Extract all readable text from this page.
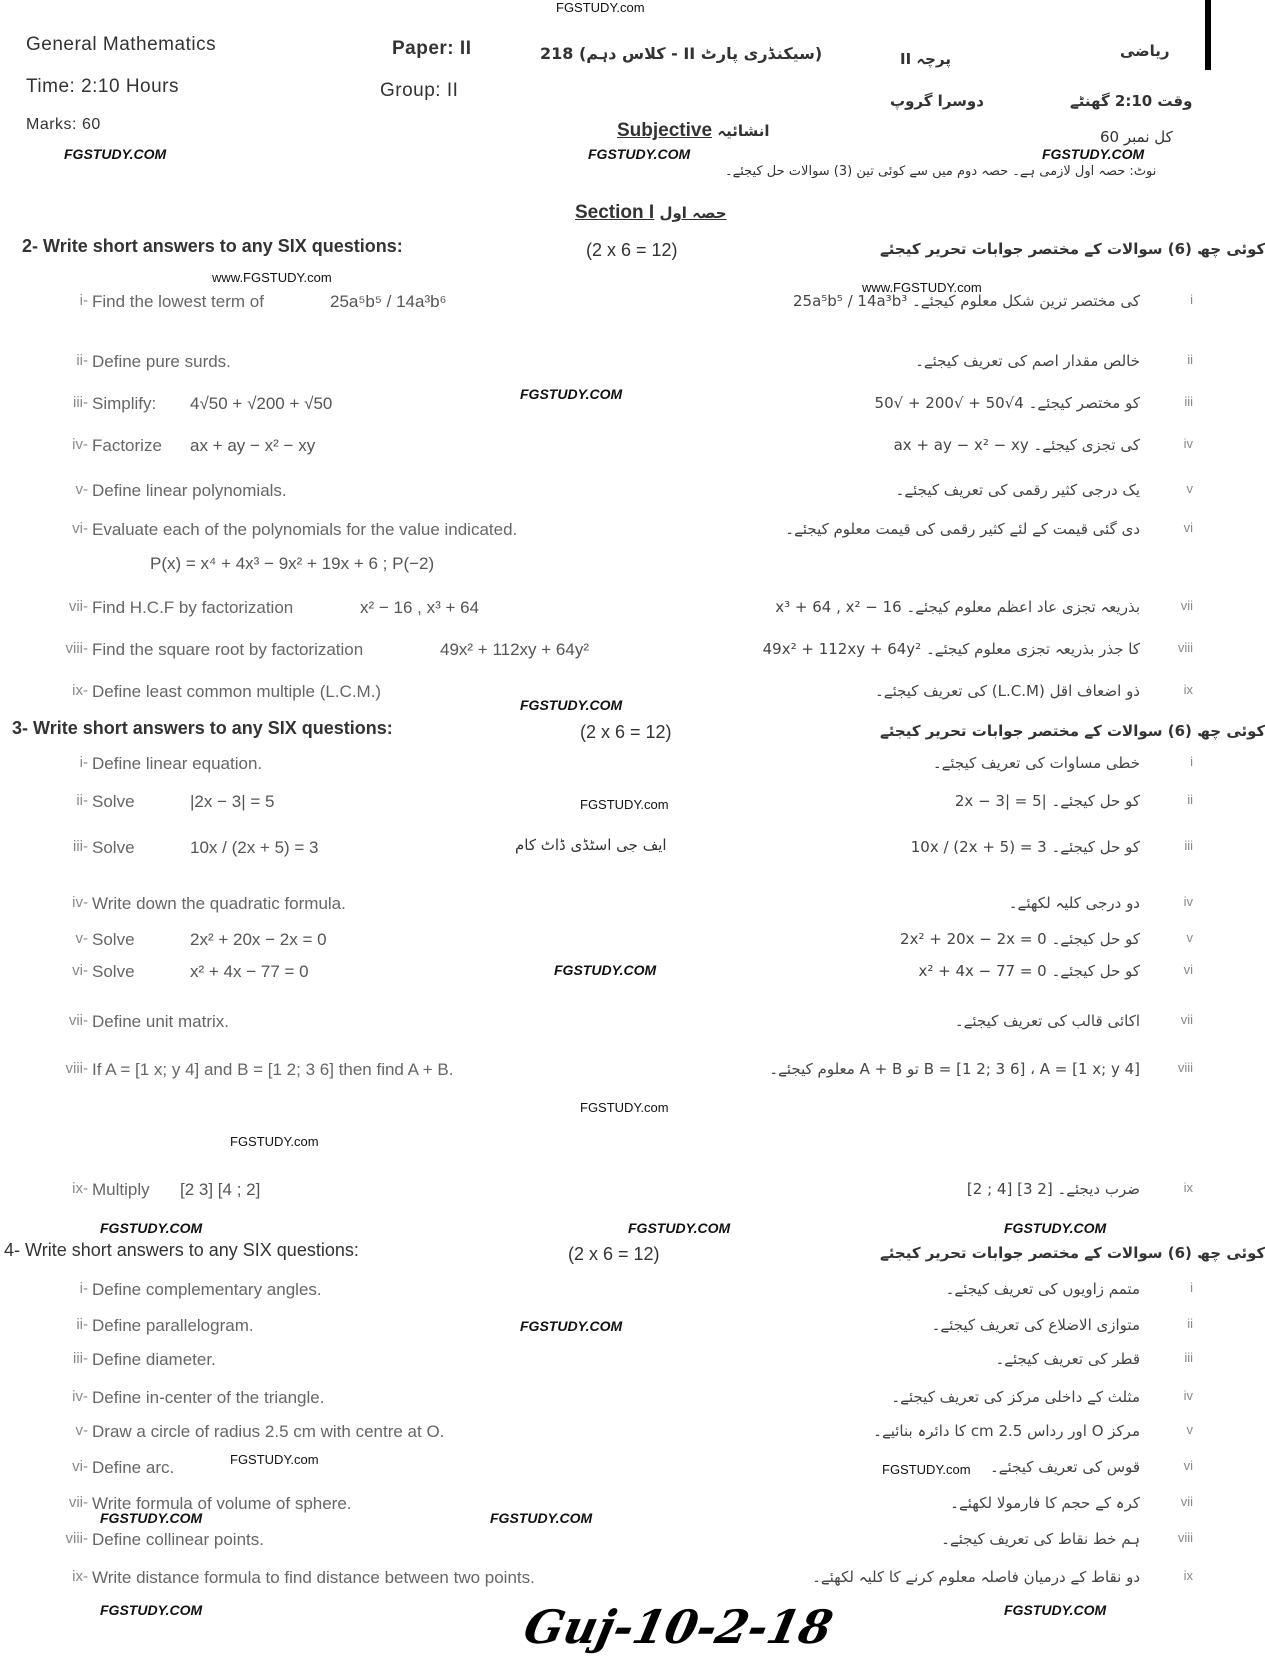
FGSTUDY.com
FGSTUDY.COM	FGSTUDY.COM	FGSTUDY.COM
www.FGSTUDY.com
www.FGSTUDY.com
FGSTUDY.COM
FGSTUDY.COM
FGSTUDY.com
ایف جی اسٹڈی ڈاٹ کام
FGSTUDY.COM
FGSTUDY.com
FGSTUDY.com
FGSTUDY.COM	FGSTUDY.COM	FGSTUDY.COM
FGSTUDY.COM
FGSTUDY.com
FGSTUDY.com
FGSTUDY.COM	FGSTUDY.COM
FGSTUDY.COM	FGSTUDY.COM
General Mathematics	Paper: II
Time: 2:10 Hours	Group: II
Marks: 60
(سیکنڈری پارٹ II - کلاس دہم) 218	پرچہ II
دوسرا گروپ
ریاضی
وقت 2:10 گھنٹے
کل نمبر 60
Subjective انشائیہ
نوٹ: حصہ اول لازمی ہے۔ حصہ دوم میں سے کوئی تین (3) سوالات حل کیجئے۔
Section I حصہ اول
2- Write short answers to any SIX questions:	(2 x 6 = 12)	کوئی چھ (6) سوالات کے مختصر جوابات تحریر کیجئے
i- Find the lowest term of	25a⁵b⁵ / 14a³b⁶	کی مختصر ترین شکل معلوم کیجئے۔ 25a⁵b⁵ / 14a³b³	i
ii- Define pure surds.	خالص مقدار اصم کی تعریف کیجئے۔	ii
iii- Simplify: 4√50 + √200 + √50	کو مختصر کیجئے۔ 4√50 + √200 + √50	iii
iv- Factorize ax + ay − x² − xy	کی تجزی کیجئے۔ ax + ay − x² − xy	iv
v- Define linear polynomials.	یک درجی کثیر رقمی کی تعریف کیجئے۔	v
vi- Evaluate each of the polynomials for the value indicated.
P(x) = x⁴ + 4x³ − 9x² + 19x + 6 ; P(−2)
دی گئی قیمت کے لئے کثیر رقمی کی قیمت معلوم کیجئے۔	vi
vii- Find H.C.F by factorization	x² − 16 , x³ + 64	بذریعہ تجزی عاد اعظم معلوم کیجئے۔ x³ + 64 , x² − 16	vii
viii- Find the square root by factorization	49x² + 112xy + 64y²	کا جذر بذریعہ تجزی معلوم کیجئے۔ 49x² + 112xy + 64y²	viii
ix- Define least common multiple (L.C.M.)	ذو اضعاف اقل (L.C.M) کی تعریف کیجئے۔	ix
i- Define linear equation.	خطی مساوات کی تعریف کیجئے۔	i
ii- Solve	|2x − 3| = 5	کو حل کیجئے۔ |2x − 3| = 5	ii
iii- Solve	10x / (2x + 5) = 3	کو حل کیجئے۔ 10x / (2x + 5) = 3	iii
iv- Write down the quadratic formula.	دو درجی کلیہ لکھئے۔	iv
v- Solve	2x² + 20x − 2x = 0	کو حل کیجئے۔ 2x² + 20x − 2x = 0	v
vi- Solve	x² + 4x − 77 = 0	کو حل کیجئے۔ x² + 4x − 77 = 0	vi
vii- Define unit matrix.	اکائی قالب کی تعریف کیجئے۔	vii
viii- If A = [1 x; y 4] and B = [1 2; 3 6] then find A + B.	B = [1 2; 3 6] ، A = [1 x; y 4] تو A + B معلوم کیجئے۔	viii
ix- Multiply [2 3] [4 ; 2]	ضرب دیجئے۔ [2 3] [4 ; 2]	ix
i- Define complementary angles.	متمم زاویوں کی تعریف کیجئے۔	i
ii- Define parallelogram.	متوازی الاضلاع کی تعریف کیجئے۔	ii
iii- Define diameter.	قطر کی تعریف کیجئے۔	iii
iv- Define in-center of the triangle.	مثلث کے داخلی مرکز کی تعریف کیجئے۔	iv
v- Draw a circle of radius 2.5 cm with centre at O.	مرکز O اور رداس 2.5 cm کا دائرہ بنائیے۔	v
vi- Define arc.	قوس کی تعریف کیجئے۔	vi
vii- Write formula of volume of sphere.	کرہ کے حجم کا فارمولا لکھئے۔	vii
viii- Define collinear points.	ہم خط نقاط کی تعریف کیجئے۔	viii
ix- Write distance formula to find distance between two points.	دو نقاط کے درمیان فاصلہ معلوم کرنے کا کلیہ لکھئے۔	ix
3- Write short answers to any SIX questions:	(2 x 6 = 12)	کوئی چھ (6) سوالات کے مختصر جوابات تحریر کیجئے
4- Write short answers to any SIX questions:	(2 x 6 = 12)	کوئی چھ (6) سوالات کے مختصر جوابات تحریر کیجئے
Guj-10-2-18
